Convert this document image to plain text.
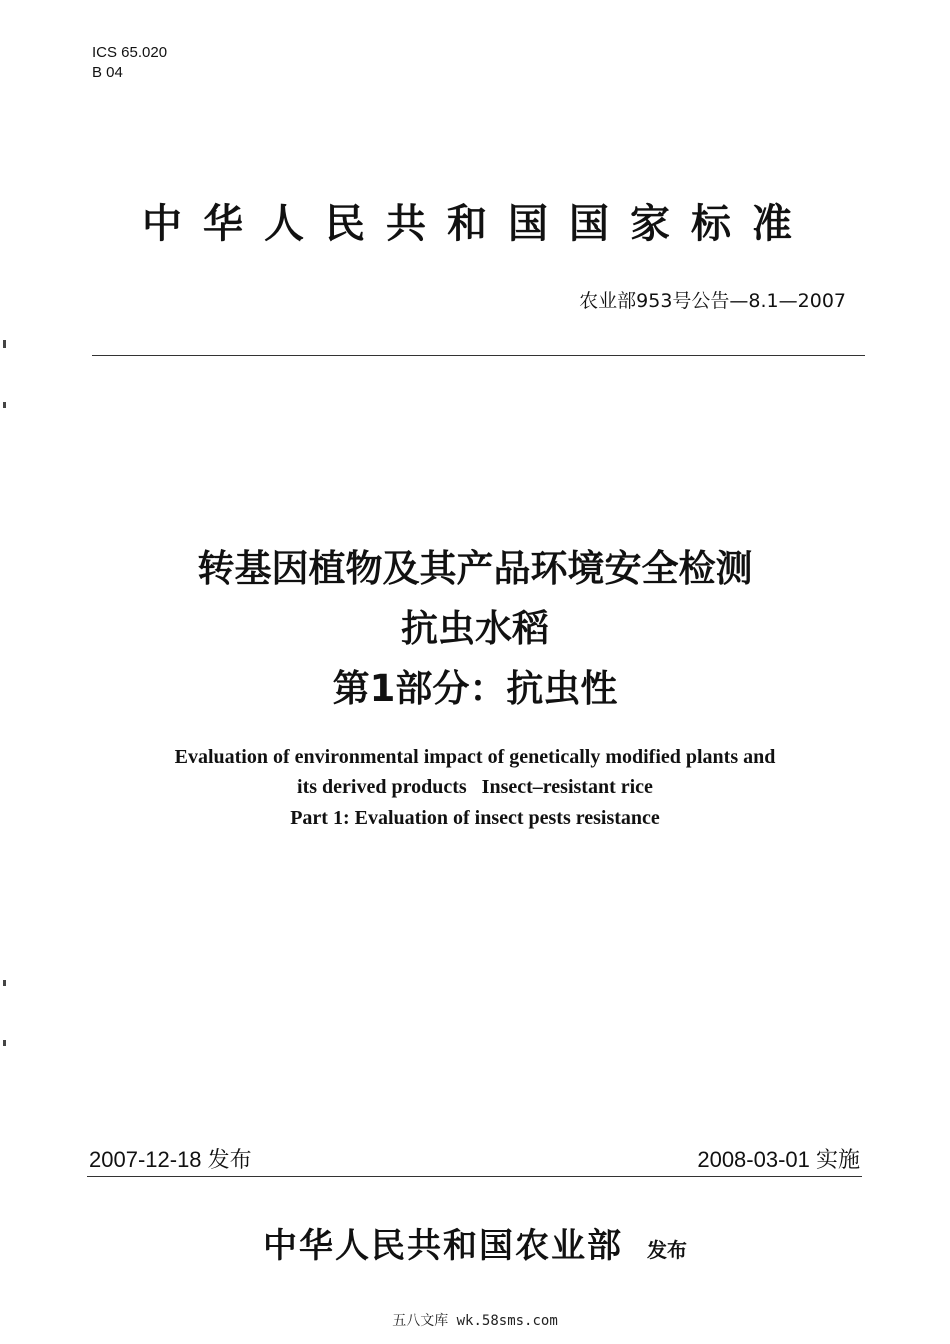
ICS 65.020
B 04
中华人民共和国国家标准
农业部953号公告—8.1—2007
转基因植物及其产品环境安全检测
抗虫水稻
第1部分：抗虫性
Evaluation of environmental impact of genetically modified plants and
its derived products   Insect–resistant rice
Part 1: Evaluation of insect pests resistance
2007-12-18 发布	2008-03-01 实施
中华人民共和国农业部 发布
五八文库 wk.58sms.com
